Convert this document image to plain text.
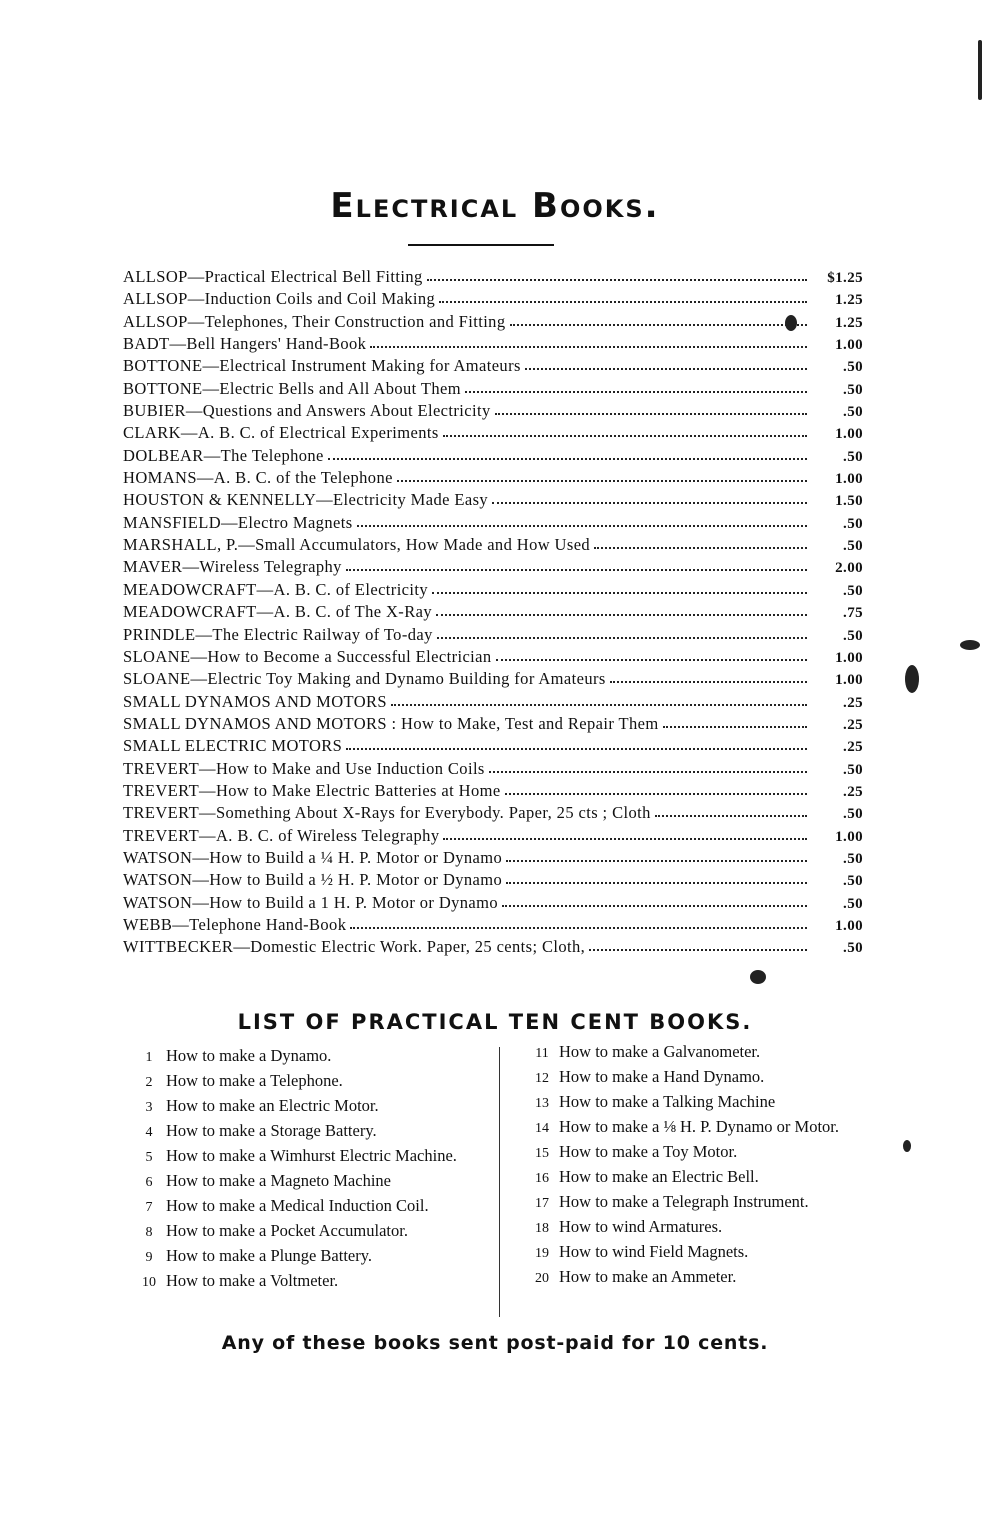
Electrical Books.
ALLSOP—Practical Electrical Bell Fitting	$1.25
ALLSOP—Induction Coils and Coil Making	1.25
ALLSOP—Telephones, Their Construction and Fitting	1.25
BADT—Bell Hangers' Hand-Book	1.00
BOTTONE—Electrical Instrument Making for Amateurs	.50
BOTTONE—Electric Bells and All About Them	.50
BUBIER—Questions and Answers About Electricity	.50
CLARK—A. B. C. of Electrical Experiments	1.00
DOLBEAR—The Telephone	.50
HOMANS—A. B. C. of the Telephone	1.00
HOUSTON & KENNELLY—Electricity Made Easy	1.50
MANSFIELD—Electro Magnets	.50
MARSHALL, P.—Small Accumulators, How Made and How Used	.50
MAVER—Wireless Telegraphy	2.00
MEADOWCRAFT—A. B. C. of Electricity	.50
MEADOWCRAFT—A. B. C. of The X-Ray	.75
PRINDLE—The Electric Railway of To-day	.50
SLOANE—How to Become a Successful Electrician	1.00
SLOANE—Electric Toy Making and Dynamo Building for Amateurs	1.00
SMALL DYNAMOS AND MOTORS	.25
SMALL DYNAMOS AND MOTORS : How to Make, Test and Repair Them	.25
SMALL ELECTRIC MOTORS	.25
TREVERT—How to Make and Use Induction Coils	.50
TREVERT—How to Make Electric Batteries at Home	.25
TREVERT—Something About X-Rays for Everybody. Paper, 25 cts ; Cloth	.50
TREVERT—A. B. C. of Wireless Telegraphy	1.00
WATSON—How to Build a ¼ H. P. Motor or Dynamo	.50
WATSON—How to Build a ½ H. P. Motor or Dynamo	.50
WATSON—How to Build a 1 H. P. Motor or Dynamo	.50
WEBB—Telephone Hand-Book	1.00
WITTBECKER—Domestic Electric Work. Paper, 25 cents; Cloth,	.50
LIST OF PRACTICAL TEN CENT BOOKS.
1 How to make a Dynamo.
2 How to make a Telephone.
3 How to make an Electric Motor.
4 How to make a Storage Battery.
5 How to make a Wimhurst Electric Machine.
6 How to make a Magneto Machine
7 How to make a Medical Induction Coil.
8 How to make a Pocket Accumulator.
9 How to make a Plunge Battery.
10 How to make a Voltmeter.
11 How to make a Galvanometer.
12 How to make a Hand Dynamo.
13 How to make a Talking Machine
14 How to make a ⅛ H. P. Dynamo or Motor.
15 How to make a Toy Motor.
16 How to make an Electric Bell.
17 How to make a Telegraph Instrument.
18 How to wind Armatures.
19 How to wind Field Magnets.
20 How to make an Ammeter.
Any of these books sent post-paid for 10 cents.
